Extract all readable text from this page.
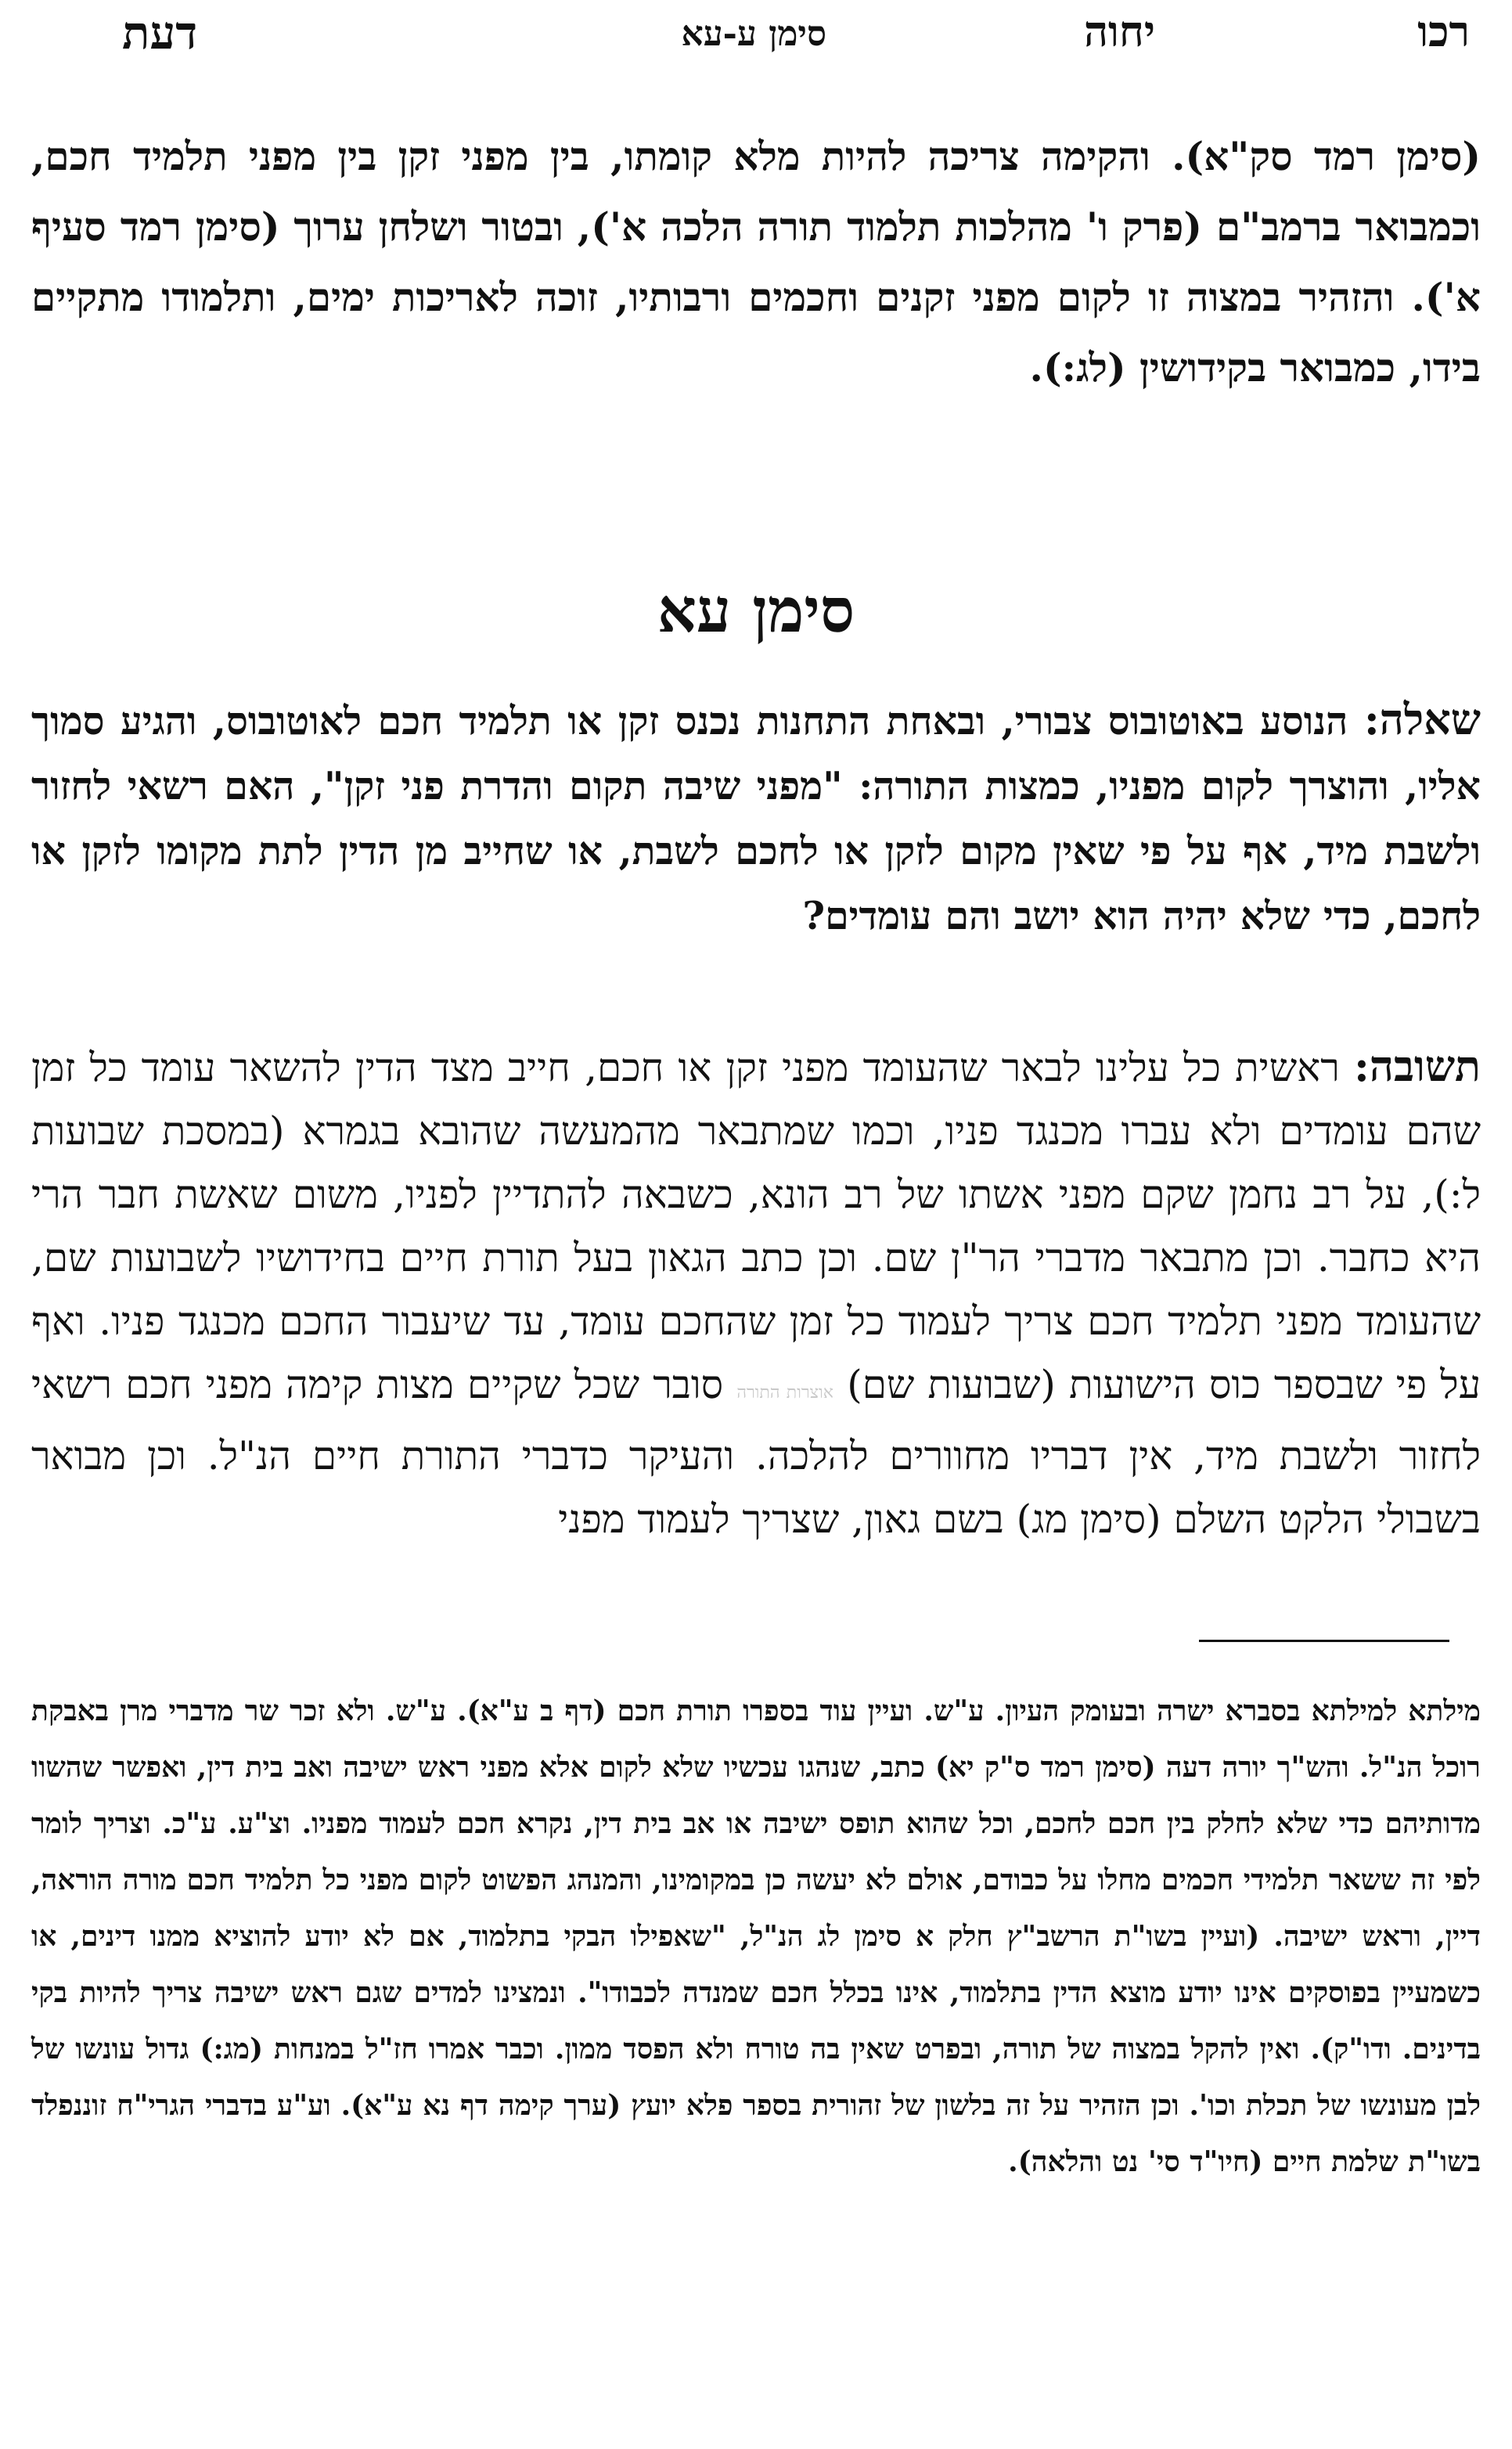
רכו
יחוה
סימן ע-עא
דעת
(סימן רמד סק"א). והקימה צריכה להיות מלא קומתו, בין מפני זקן בין מפני תלמיד חכם, וכמבואר ברמב"ם (פרק ו' מהלכות תלמוד תורה הלכה א'), ובטור ושלחן ערוך (סימן רמד סעיף א'). והזהיר במצוה זו לקום מפני זקנים וחכמים ורבותיו, זוכה לאריכות ימים, ותלמודו מתקיים בידו, כמבואר בקידושין (לג:).
סימן עא
שאלה: הנוסע באוטובוס צבורי, ובאחת התחנות נכנס זקן או תלמיד חכם לאוטובוס, והגיע סמוך אליו, והוצרך לקום מפניו, כמצות התורה: "מפני שיבה תקום והדרת פני זקן", האם רשאי לחזור ולשבת מיד, אף על פי שאין מקום לזקן או לחכם לשבת, או שחייב מן הדין לתת מקומו לזקן או לחכם, כדי שלא יהיה הוא יושב והם עומדים?
תשובה: ראשית כל עלינו לבאר שהעומד מפני זקן או חכם, חייב מצד הדין להשאר עומד כל זמן שהם עומדים ולא עברו מכנגד פניו, וכמו שמתבאר מהמעשה שהובא בגמרא (במסכת שבועות ל:), על רב נחמן שקם מפני אשתו של רב הונא, כשבאה להתדיין לפניו, משום שאשת חבר הרי היא כחבר. וכן מתבאר מדברי הר"ן שם. וכן כתב הגאון בעל תורת חיים בחידושיו לשבועות שם, שהעומד מפני תלמיד חכם צריך לעמוד כל זמן שהחכם עומד, עד שיעבור החכם מכנגד פניו. ואף על פי שבספר כוס הישועות (שבועות שם) אוצרות התורה סובר שכל שקיים מצות קימה מפני חכם רשאי לחזור ולשבת מיד, אין דבריו מחוורים להלכה. והעיקר כדברי התורת חיים הנ"ל. וכן מבואר בשבולי הלקט השלם (סימן מג) בשם גאון, שצריך לעמוד מפני
מילתא למילתא בסברא ישרה ובעומק העיון. ע"ש. ועיין עוד בספרו תורת חכם (דף ב ע"א). ע"ש. ולא זכר שר מדברי מרן באבקת רוכל הנ"ל. והש"ך יורה דעה (סימן רמד ס"ק יא) כתב, שנהגו עכשיו שלא לקום אלא מפני ראש ישיבה ואב בית דין, ואפשר שהשוו מדותיהם כדי שלא לחלק בין חכם לחכם, וכל שהוא תופס ישיבה או אב בית דין, נקרא חכם לעמוד מפניו. וצ"ע. ע"כ. וצריך לומר לפי זה ששאר תלמידי חכמים מחלו על כבודם, אולם לא יעשה כן במקומינו, והמנהג הפשוט לקום מפני כל תלמיד חכם מורה הוראה, דיין, וראש ישיבה. (ועיין בשו"ת הרשב"ץ חלק א סימן לג הנ"ל, "שאפילו הבקי בתלמוד, אם לא יודע להוציא ממנו דינים, או כשמעיין בפוסקים אינו יודע מוצא הדין בתלמוד, אינו בכלל חכם שמנדה לכבודו". ונמצינו למדים שגם ראש ישיבה צריך להיות בקי בדינים. ודו"ק). ואין להקל במצוה של תורה, ובפרט שאין בה טורח ולא הפסד ממון. וכבר אמרו חז"ל במנחות (מג:) גדול עונשו של לבן מעונשו של תכלת וכו'. וכן הזהיר על זה בלשון של זהורית בספר פלא יועץ (ערך קימה דף נא ע"א). וע"ע בדברי הגרי"ח זוננפלד בשו"ת שלמת חיים (חיו"ד סי' נט והלאה).
